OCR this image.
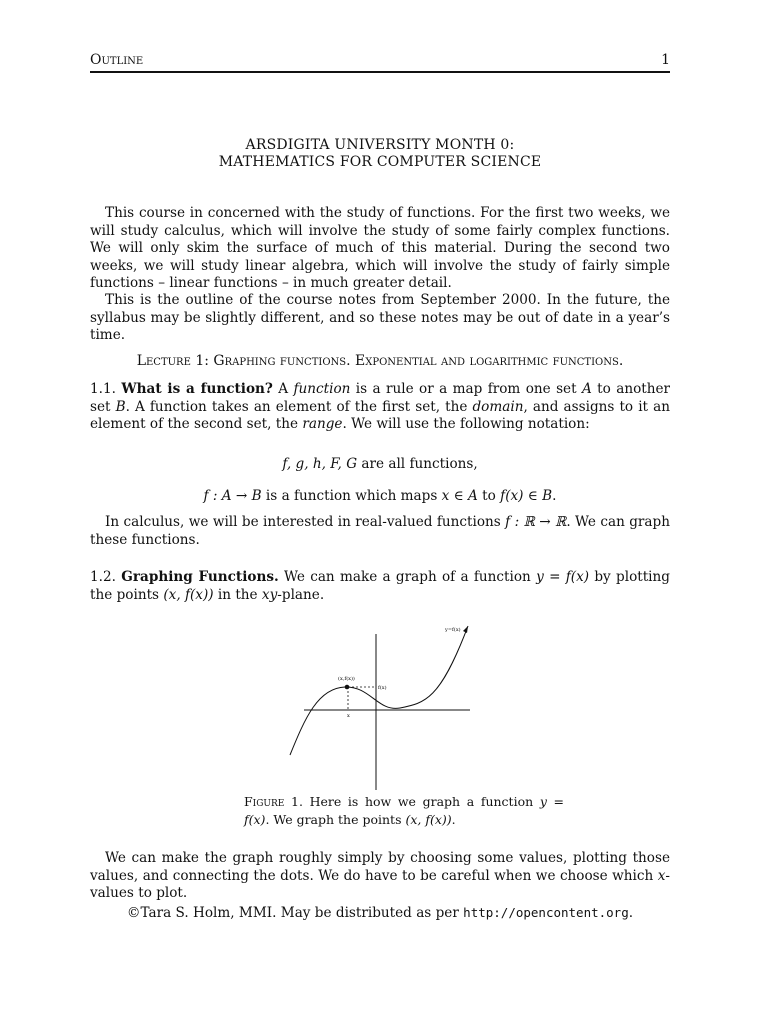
Outline	1
ARSDIGITA UNIVERSITY MONTH 0:
MATHEMATICS FOR COMPUTER SCIENCE
This course in concerned with the study of functions. For the first two weeks, we will study calculus, which will involve the study of some fairly complex functions. We will only skim the surface of much of this material. During the second two weeks, we will study linear algebra, which will involve the study of fairly simple functions – linear functions – in much greater detail.
This is the outline of the course notes from September 2000. In the future, the syllabus may be slightly different, and so these notes may be out of date in a year’s time.
Lecture 1: Graphing functions. Exponential and logarithmic functions.
1.1. What is a function? A function is a rule or a map from one set A to another set B. A function takes an element of the first set, the domain, and assigns to it an element of the second set, the range. We will use the following notation:
f, g, h, F, G are all functions,
f : A → B is a function which maps x ∈ A to f(x) ∈ B.
In calculus, we will be interested in real-valued functions f : ℝ → ℝ. We can graph these functions.
1.2. Graphing Functions. We can make a graph of a function y = f(x) by plotting the points (x, f(x)) in the xy-plane.
y=f(x)
(x,f(x))
f(x)
x
Figure 1. Here is how we graph a function y = f(x). We graph the points (x, f(x)).
We can make the graph roughly simply by choosing some values, plotting those values, and connecting the dots. We do have to be careful when we choose which x-values to plot.
©Tara S. Holm, MMI. May be distributed as per http://opencontent.org.
